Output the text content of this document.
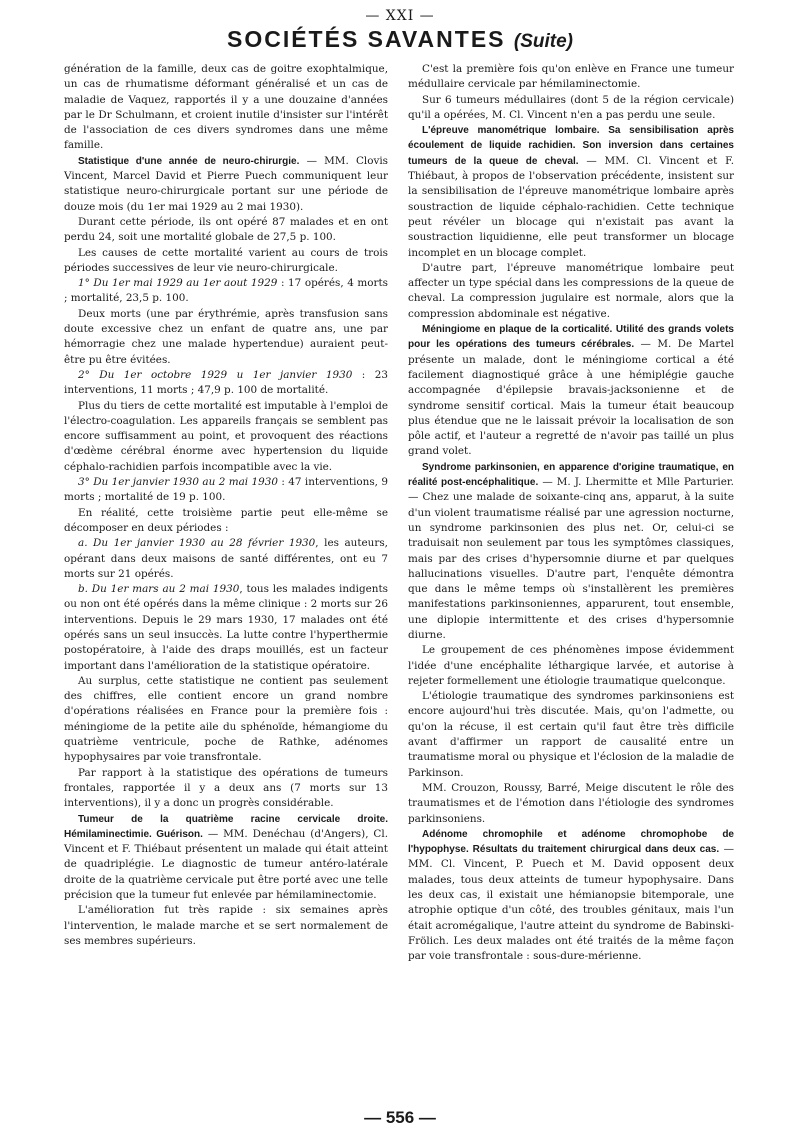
— XXI —
SOCIÉTÉS SAVANTES (Suite)

génération de la famille, deux cas de goitre exophtalmique, un cas de rhumatisme déformant généralisé et un cas de maladie de Vaquez, rapportés il y a une douzaine d'années par le Dr Schulmann, et croient inutile d'insister sur l'intérêt de l'association de ces divers syndromes dans une même famille.

Statistique d'une année de neuro-chirurgie. — MM. Clovis Vincent, Marcel David et Pierre Puech communiquent leur statistique neuro-chirurgicale portant sur une période de douze mois (du 1er mai 1929 au 2 mai 1930).

Durant cette période, ils ont opéré 87 malades et en ont perdu 24, soit une mortalité globale de 27,5 p. 100.

Les causes de cette mortalité varient au cours de trois périodes successives de leur vie neuro-chirurgicale.

1° Du 1er mai 1929 au 1er aout 1929 : 17 opérés, 4 morts ; mortalité, 23,5 p. 100.

Deux morts (une par érythrémie, après transfusion sans doute excessive chez un enfant de quatre ans, une par hémorragie chez une malade hypertendue) auraient peut-être pu être évitées.

2° Du 1er octobre 1929 u 1er janvier 1930 : 23 interventions, 11 morts ; 47,9 p. 100 de mortalité.

Plus du tiers de cette mortalité est imputable à l'emploi de l'électro-coagulation. Les appareils français se semblent pas encore suffisamment au point, et provoquent des réactions d'œdème cérébral énorme avec hypertension du liquide céphalo-rachidien parfois incompatible avec la vie.

3° Du 1er janvier 1930 au 2 mai 1930 : 47 interventions, 9 morts ; mortalité de 19 p. 100.

En réalité, cette troisième partie peut elle-même se décomposer en deux périodes :

a. Du 1er janvier 1930 au 28 février 1930, les auteurs, opérant dans deux maisons de santé différentes, ont eu 7 morts sur 21 opérés.

b. Du 1er mars au 2 mai 1930, tous les malades indigents ou non ont été opérés dans la même clinique : 2 morts sur 26 interventions. Depuis le 29 mars 1930, 17 malades ont été opérés sans un seul insuccès. La lutte contre l'hyperthermie postopératoire, à l'aide des draps mouillés, est un facteur important dans l'amélioration de la statistique opératoire.

Au surplus, cette statistique ne contient pas seulement des chiffres, elle contient encore un grand nombre d'opérations réalisées en France pour la première fois : méningiome de la petite aile du sphénoïde, hémangiome du quatrième ventricule, poche de Rathke, adénomes hypophysaires par voie transfrontale.

Par rapport à la statistique des opérations de tumeurs frontales, rapportée il y a deux ans (7 morts sur 13 interventions), il y a donc un progrès considérable.

Tumeur de la quatrième racine cervicale droite. Hémilaminectimie. Guérison. — MM. Denéchau (d'Angers), Cl. Vincent et F. Thiébaut présentent un malade qui était atteint de quadriplégie. Le diagnostic de tumeur antéro-latérale droite de la quatrième cervicale put être porté avec une telle précision que la tumeur fut enlevée par hémilaminectomie.

L'amélioration fut très rapide : six semaines après l'intervention, le malade marche et se sert normalement de ses membres supérieurs.

C'est la première fois qu'on enlève en France une tumeur médullaire cervicale par hémilaminectomie.

Sur 6 tumeurs médullaires (dont 5 de la région cervicale) qu'il a opérées, M. Cl. Vincent n'en a pas perdu une seule.

L'épreuve manométrique lombaire. Sa sensibilisation après écoulement de liquide rachidien. Son inversion dans certaines tumeurs de la queue de cheval. — MM. Cl. Vincent et F. Thiébaut, à propos de l'observation précédente, insistent sur la sensibilisation de l'épreuve manométrique lombaire après soustraction de liquide céphalo-rachidien. Cette technique peut révéler un blocage qui n'existait pas avant la soustraction liquidienne, elle peut transformer un blocage incomplet en un blocage complet.

D'autre part, l'épreuve manométrique lombaire peut affecter un type spécial dans les compressions de la queue de cheval. La compression jugulaire est normale, alors que la compression abdominale est négative.

Méningiome en plaque de la corticalité. Utilité des grands volets pour les opérations des tumeurs cérébrales. — M. De Martel présente un malade, dont le méningiome cortical a été facilement diagnostiqué grâce à une hémiplégie gauche accompagnée d'épilepsie bravais-jacksonienne et de syndrome sensitif cortical. Mais la tumeur était beaucoup plus étendue que ne le laissait prévoir la localisation de son pôle actif, et l'auteur a regretté de n'avoir pas taillé un plus grand volet.

Syndrome parkinsonien, en apparence d'origine traumatique, en réalité post-encéphalitique. — M. J. Lhermitte et Mlle Parturier. — Chez une malade de soixante-cinq ans, apparut, à la suite d'un violent traumatisme réalisé par une agression nocturne, un syndrome parkinsonien des plus net. Or, celui-ci se traduisait non seulement par tous les symptômes classiques, mais par des crises d'hypersomnie diurne et par quelques hallucinations visuelles. D'autre part, l'enquête démontra que dans le même temps où s'installèrent les premières manifestations parkinsoniennes, apparurent, tout ensemble, une diplopie intermittente et des crises d'hypersomnie diurne.

Le groupement de ces phénomènes impose évidemment l'idée d'une encéphalite léthargique larvée, et autorise à rejeter formellement une étiologie traumatique quelconque.

L'étiologie traumatique des syndromes parkinsoniens est encore aujourd'hui très discutée. Mais, qu'on l'admette, ou qu'on la récuse, il est certain qu'il faut être très difficile avant d'affirmer un rapport de causalité entre un traumatisme moral ou physique et l'éclosion de la maladie de Parkinson.

MM. Crouzon, Roussy, Barré, Meige discutent le rôle des traumatismes et de l'émotion dans l'étiologie des syndromes parkinsoniens.

Adénome chromophile et adénome chromophobe de l'hypophyse. Résultats du traitement chirurgical dans deux cas. — MM. Cl. Vincent, P. Puech et M. David opposent deux malades, tous deux atteints de tumeur hypophysaire. Dans les deux cas, il existait une hémianopsie bitemporale, une atrophie optique d'un côté, des troubles génitaux, mais l'un était acromégalique, l'autre atteint du syndrome de Babinski-Frölich. Les deux malades ont été traités de la même façon par voie transfrontale : sous-dure-mérienne.

— 556 —
